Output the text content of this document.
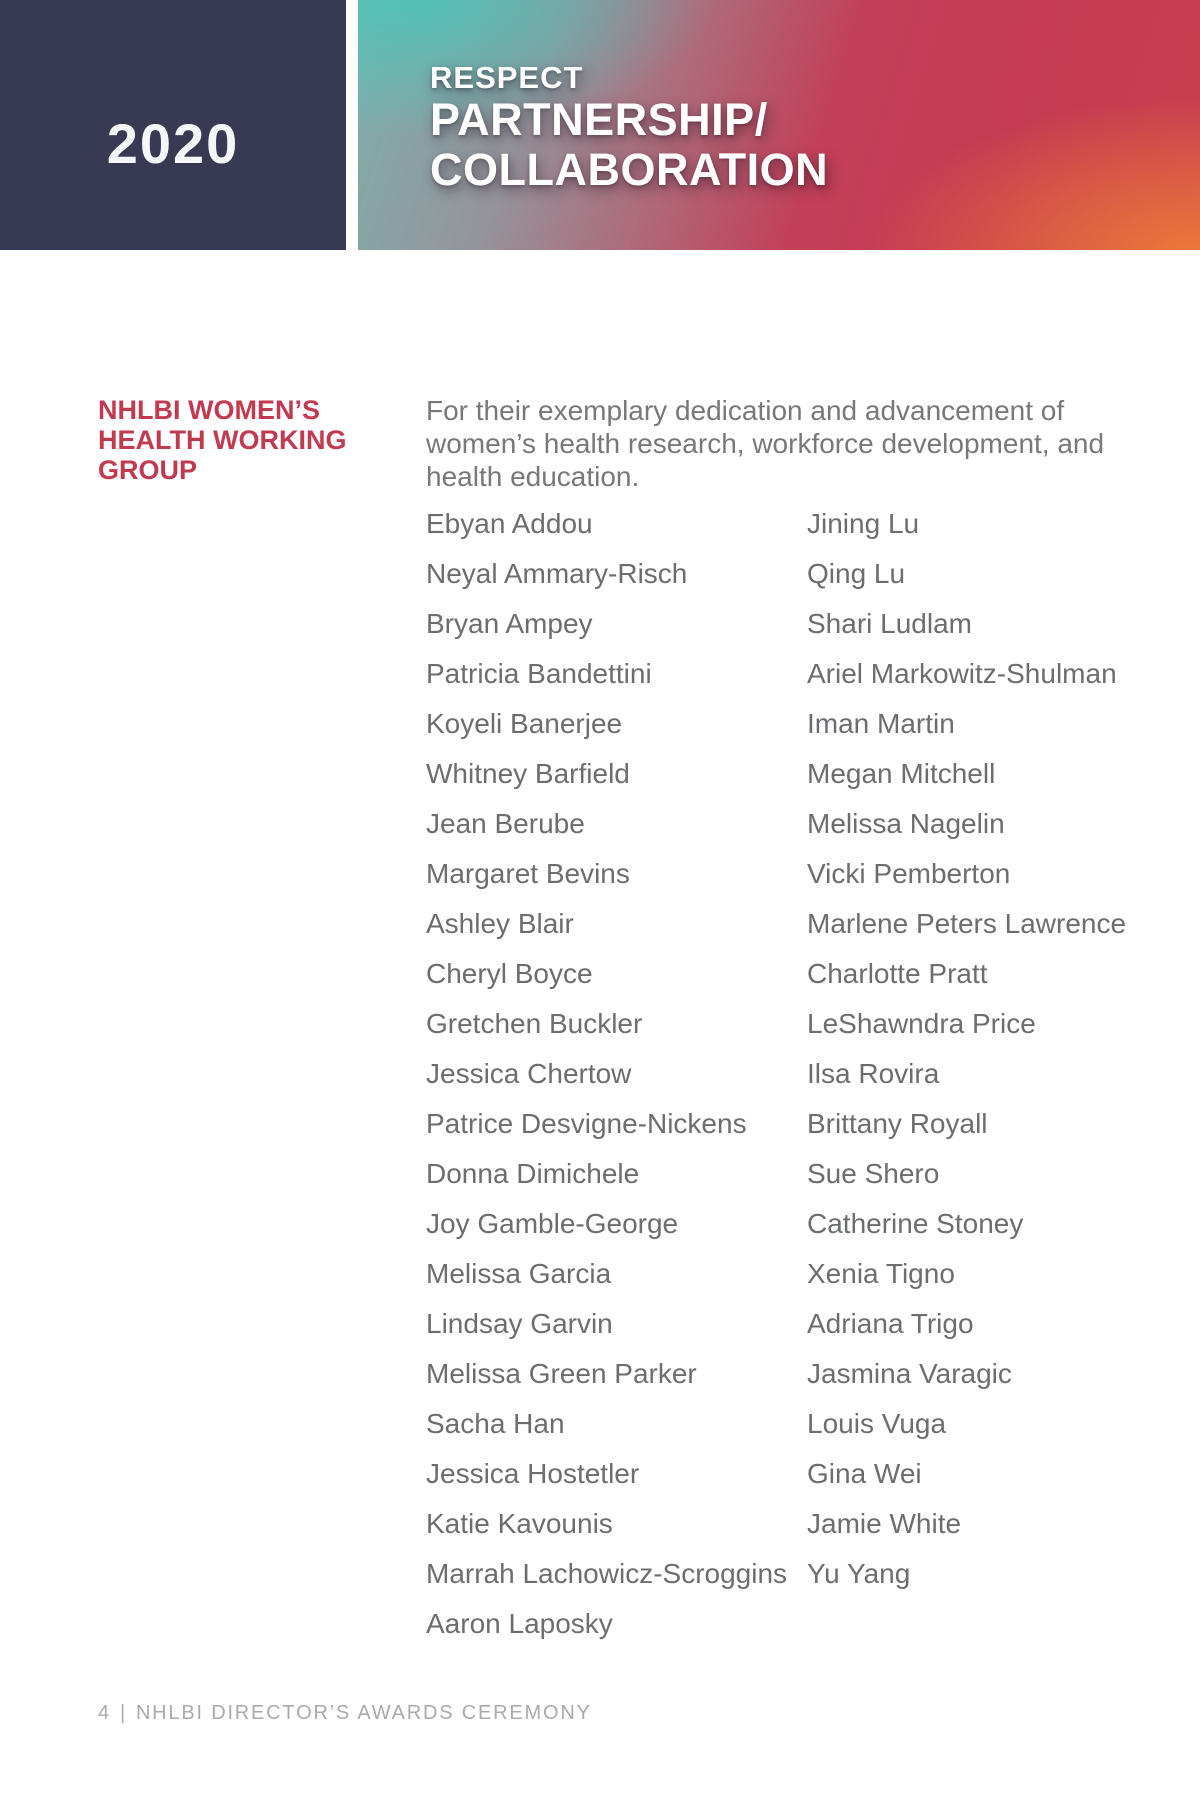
2020
RESPECT
PARTNERSHIP/
COLLABORATION
NHLBI WOMEN’S
HEALTH WORKING
GROUP
For their exemplary dedication and advancement of
women’s health research, workforce development, and
health education.
Ebyan Addou
Neyal Ammary-Risch
Bryan Ampey
Patricia Bandettini
Koyeli Banerjee
Whitney Barfield
Jean Berube
Margaret Bevins
Ashley Blair
Cheryl Boyce
Gretchen Buckler
Jessica Chertow
Patrice Desvigne-Nickens
Donna Dimichele
Joy Gamble-George
Melissa Garcia
Lindsay Garvin
Melissa Green Parker
Sacha Han
Jessica Hostetler
Katie Kavounis
Marrah Lachowicz-Scroggins
Aaron Laposky
Jining Lu
Qing Lu
Shari Ludlam
Ariel Markowitz-Shulman
Iman Martin
Megan Mitchell
Melissa Nagelin
Vicki Pemberton
Marlene Peters Lawrence
Charlotte Pratt
LeShawndra Price
Ilsa Rovira
Brittany Royall
Sue Shero
Catherine Stoney
Xenia Tigno
Adriana Trigo
Jasmina Varagic
Louis Vuga
Gina Wei
Jamie White
Yu Yang
4 | NHLBI DIRECTOR’S AWARDS CEREMONY
